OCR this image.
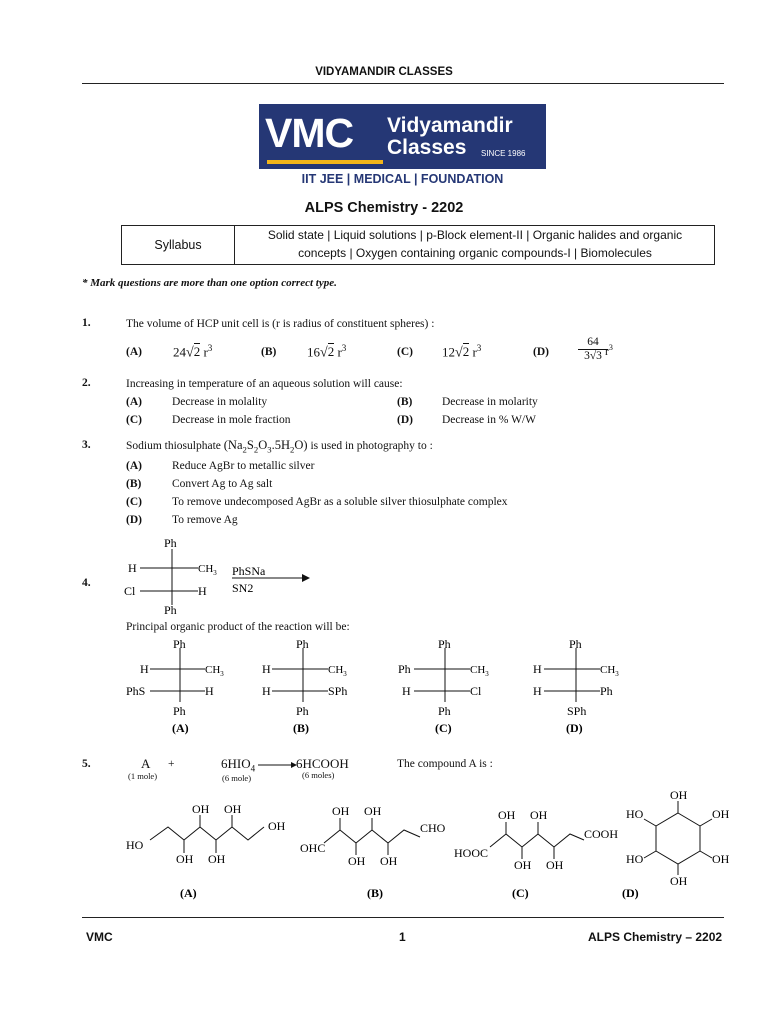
VIDYAMANDIR CLASSES
VMC Vidyamandir
Classes SINCE 1986
IIT JEE | MEDICAL | FOUNDATION
ALPS Chemistry - 2202
Syllabus
Solid state | Liquid solutions | p-Block element-II | Organic halides and organic
concepts | Oxygen containing organic compounds-I | Biomolecules
* Mark questions are more than one option correct type.
1.	The volume of HCP unit cell is (r is radius of constituent spheres) :
(A) 24√2 $r^3$	(B) 16√2 $r^3$	(C) 12√2 $r^3$	(D)
64
3√3 $r^3$
2.	Increasing in temperature of an aqueous solution will cause:
(A)	Decrease in molality	(B)	Decrease in molarity
(C)	Decrease in mole fraction	(D)	Decrease in % W/W
3.	Sodium thiosulphate $(Na_2S_2O_3.5H_2O)$ is used in photography to :
(A)	Reduce AgBr to metallic silver
(B)	Convert Ag to Ag salt
(C)	To remove undecomposed AgBr as a soluble silver thiosulphate complex
(D)	To remove Ag
4.
Ph
H	$CH_3$
Cl	H
Ph
PhSNa
SN2
Principal organic product of the reaction will be:
Ph
H	$CH_3$
PhS	H
Ph
Ph
H	$CH_3$
H	SPh
Ph
Ph
Ph	$CH_3$
H	Cl
Ph
Ph
H	$CH_3$
H	Ph
SPh
(A)	(B)	(C)	(D)
5.	A
(1 mole)
+	$6HIO_4$
(6 mole)
6HCOOH
(6 moles)
The compound A is :
HO
OH
OH
OH
OH
OH
OHC
OH
OH
OH
OH
CHO
HOOC
OH
OH
OH
OH
COOH
OH
OH
OH
OH
HO
HO
(A)	(B)	(C)	(D)
VMC	1	ALPS Chemistry – 2202
